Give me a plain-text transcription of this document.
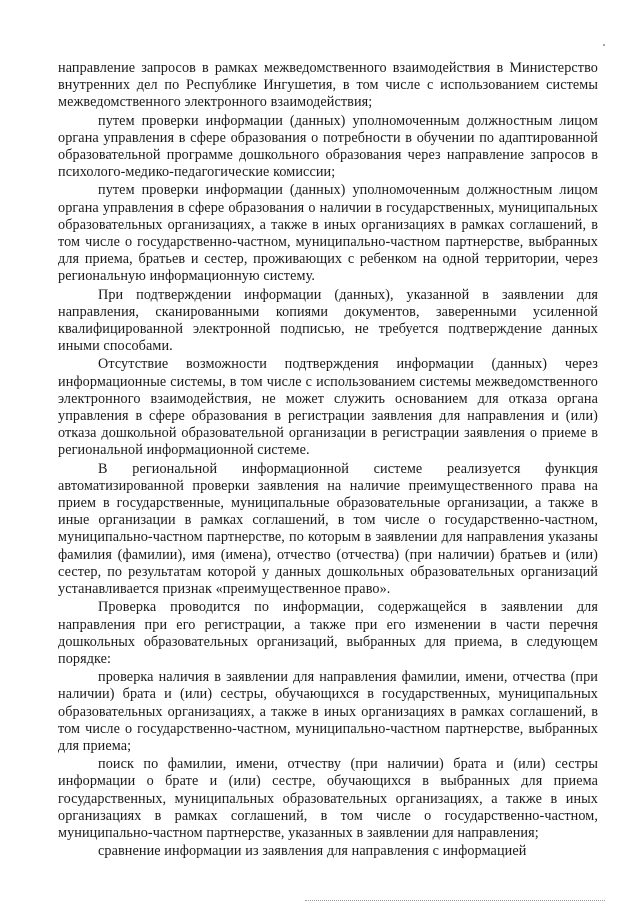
направление запросов в рамках межведомственного взаимодействия в Министерство внутренних дел по Республике Ингушетия, в том числе с использованием системы межведомственного электронного взаимодействия;

путем проверки информации (данных) уполномоченным должностным лицом органа управления в сфере образования о потребности в обучении по адаптированной образовательной программе дошкольного образования через направление запросов в психолого-медико-педагогические комиссии;

путем проверки информации (данных) уполномоченным должностным лицом органа управления в сфере образования о наличии в государственных, муниципальных образовательных организациях, а также в иных организациях в рамках соглашений, в том числе о государственно-частном, муниципально-частном партнерстве, выбранных для приема, братьев и сестер, проживающих с ребенком на одной территории, через региональную информационную систему.

При подтверждении информации (данных), указанной в заявлении для направления, сканированными копиями документов, заверенными усиленной квалифицированной электронной подписью, не требуется подтверждение данных иными способами.

Отсутствие возможности подтверждения информации (данных) через информационные системы, в том числе с использованием системы межведомственного электронного взаимодействия, не может служить основанием для отказа органа управления в сфере образования в регистрации заявления для направления и (или) отказа дошкольной образовательной организации в регистрации заявления о приеме в региональной информационной системе.

В региональной информационной системе реализуется функция автоматизированной проверки заявления на наличие преимущественного права на прием в государственные, муниципальные образовательные организации, а также в иные организации в рамках соглашений, в том числе о государственно-частном, муниципально-частном партнерстве, по которым в заявлении для направления указаны фамилия (фамилии), имя (имена), отчество (отчества) (при наличии) братьев и (или) сестер, по результатам которой у данных дошкольных образовательных организаций устанавливается признак «преимущественное право».

Проверка проводится по информации, содержащейся в заявлении для направления при его регистрации, а также при его изменении в части перечня дошкольных образовательных организаций, выбранных для приема, в следующем порядке:

проверка наличия в заявлении для направления фамилии, имени, отчества (при наличии) брата и (или) сестры, обучающихся в государственных, муниципальных образовательных организациях, а также в иных организациях в рамках соглашений, в том числе о государственно-частном, муниципально-частном партнерстве, выбранных для приема;

поиск по фамилии, имени, отчеству (при наличии) брата и (или) сестры информации о брате и (или) сестре, обучающихся в выбранных для приема государственных, муниципальных образовательных организациях, а также в иных организациях в рамках соглашений, в том числе о государственно-частном, муниципально-частном партнерстве, указанных в заявлении для направления;

сравнение информации из заявления для направления с информацией
